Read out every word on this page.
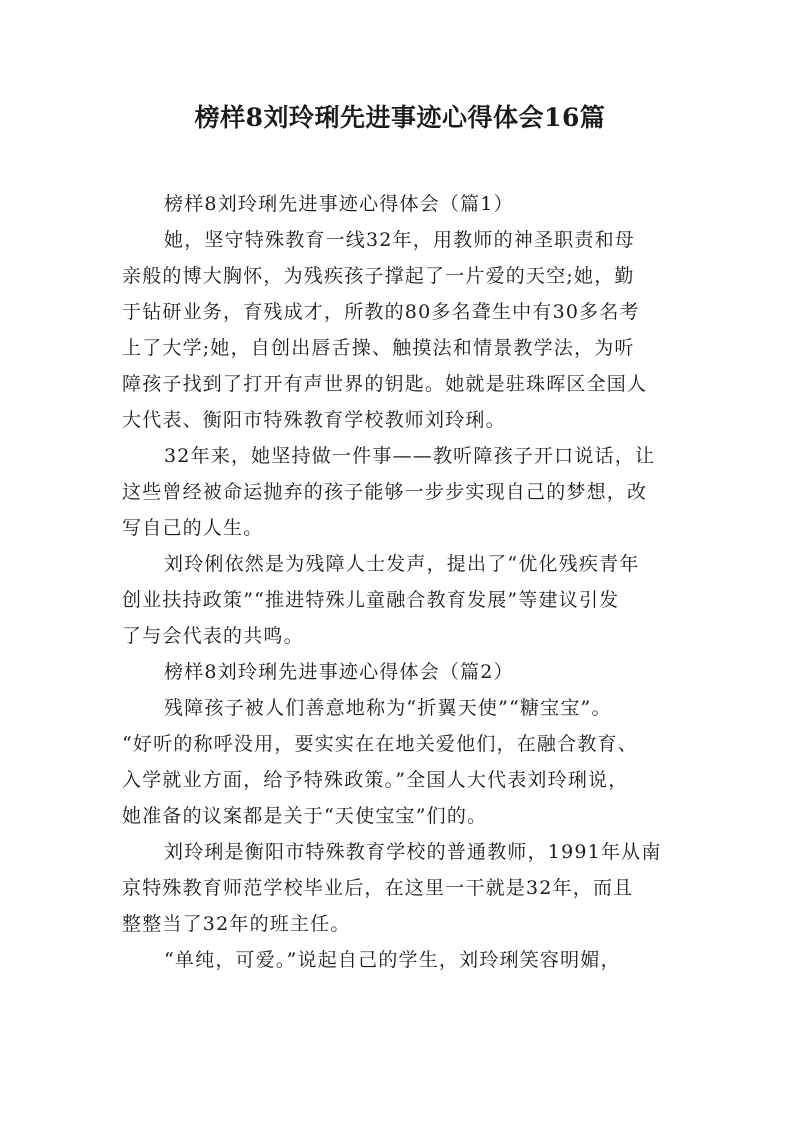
榜样8刘玲琍先进事迹心得体会16篇
榜样8刘玲琍先进事迹心得体会（篇1）
她，坚守特殊教育一线32年，用教师的神圣职责和母
亲般的博大胸怀，为残疾孩子撑起了一片爱的天空;她，勤
于钻研业务，育残成才，所教的80多名聋生中有30多名考
上了大学;她，自创出唇舌操、触摸法和情景教学法，为听
障孩子找到了打开有声世界的钥匙。她就是驻珠晖区全国人
大代表、衡阳市特殊教育学校教师刘玲琍。
32年来，她坚持做一件事——教听障孩子开口说话，让
这些曾经被命运抛弃的孩子能够一步步实现自己的梦想，改
写自己的人生。
刘玲俐依然是为残障人士发声，提出了“优化残疾青年
创业扶持政策”“推进特殊儿童融合教育发展”等建议引发
了与会代表的共鸣。
榜样8刘玲琍先进事迹心得体会（篇2）
残障孩子被人们善意地称为“折翼天使”“糖宝宝”。
“好听的称呼没用，要实实在在地关爱他们，在融合教育、
入学就业方面，给予特殊政策。”全国人大代表刘玲琍说，
她准备的议案都是关于“天使宝宝”们的。
刘玲琍是衡阳市特殊教育学校的普通教师，1991年从南
京特殊教育师范学校毕业后，在这里一干就是32年，而且
整整当了32年的班主任。
“单纯，可爱。”说起自己的学生，刘玲琍笑容明媚，
